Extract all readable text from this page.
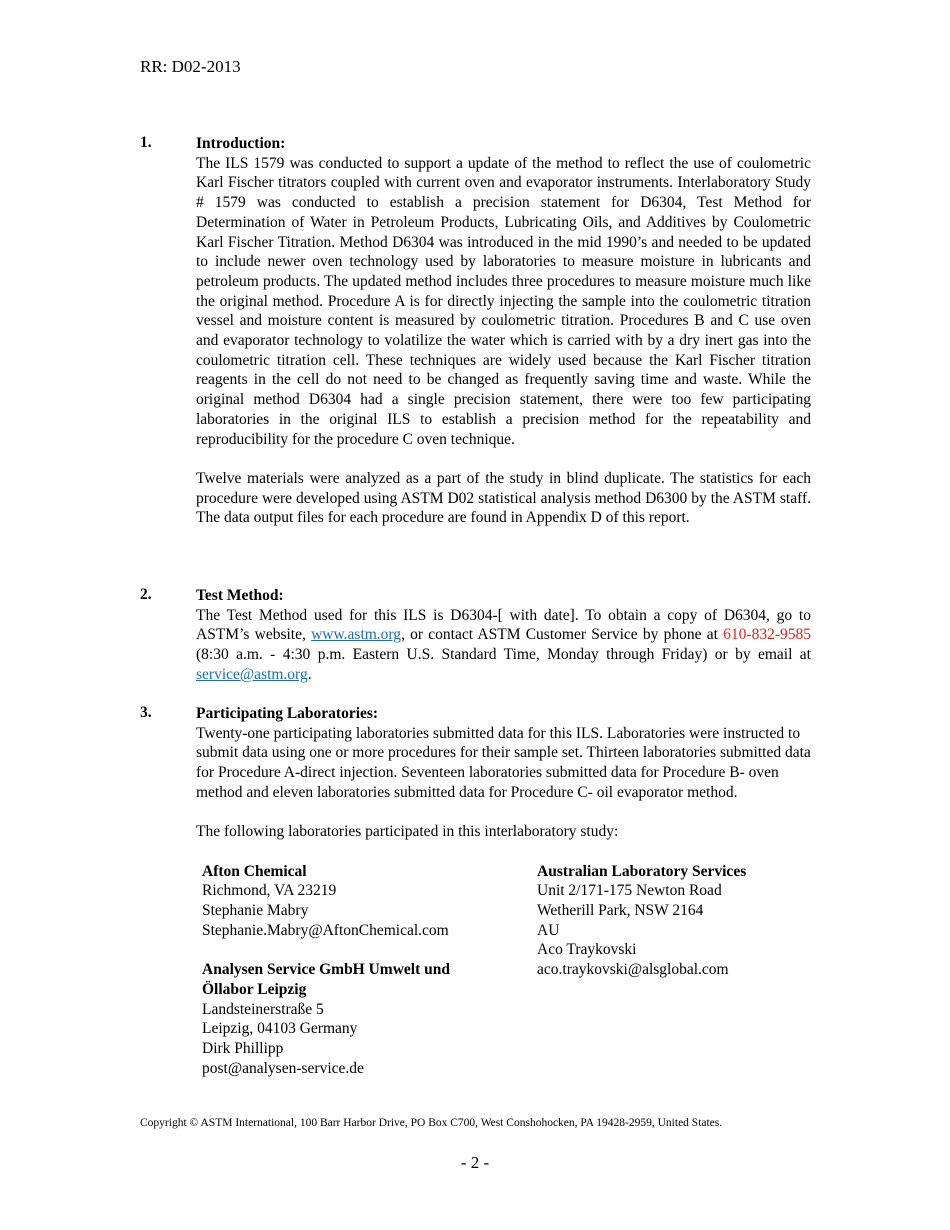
RR: D02-2013
1.	Introduction:

The ILS 1579 was conducted to support a update of the method to reflect the use of coulometric Karl Fischer titrators coupled with current oven and evaporator instruments. Interlaboratory Study # 1579 was conducted to establish a precision statement for D6304, Test Method for Determination of Water in Petroleum Products, Lubricating Oils, and Additives by Coulometric Karl Fischer Titration. Method D6304 was introduced in the mid 1990’s and needed to be updated to include newer oven technology used by laboratories to measure moisture in lubricants and petroleum products. The updated method includes three procedures to measure moisture much like the original method. Procedure A is for directly injecting the sample into the coulometric titration vessel and moisture content is measured by coulometric titration. Procedures B and C use oven and evaporator technology to volatilize the water which is carried with by a dry inert gas into the coulometric titration cell. These techniques are widely used because the Karl Fischer titration reagents in the cell do not need to be changed as frequently saving time and waste. While the original method D6304 had a single precision statement, there were too few participating laboratories in the original ILS to establish a precision method for the repeatability and reproducibility for the procedure C oven technique.

Twelve materials were analyzed as a part of the study in blind duplicate. The statistics for each procedure were developed using ASTM D02 statistical analysis method D6300 by the ASTM staff. The data output files for each procedure are found in Appendix D of this report.

2.	Test Method:

The Test Method used for this ILS is D6304-[ with date]. To obtain a copy of D6304, go to ASTM’s website, www.astm.org, or contact ASTM Customer Service by phone at 610-832-9585 (8:30 a.m. - 4:30 p.m. Eastern U.S. Standard Time, Monday through Friday) or by email at service@astm.org.

3.	Participating Laboratories:

Twenty-one participating laboratories submitted data for this ILS. Laboratories were instructed to submit data using one or more procedures for their sample set. Thirteen laboratories submitted data for Procedure A-direct injection. Seventeen laboratories submitted data for Procedure B- oven method and eleven laboratories submitted data for Procedure C- oil evaporator method.

The following laboratories participated in this interlaboratory study:

Afton Chemical
Richmond, VA 23219
Stephanie Mabry
Stephanie.Mabry@AftonChemical.com
Analysen Service GmbH Umwelt und Öllabor Leipzig
Landsteinerstraße 5
Leipzig, 04103 Germany
Dirk Phillipp
post@analysen-service.de
Australian Laboratory Services
Unit 2/171-175 Newton Road
Wetherill Park, NSW 2164
AU
Aco Traykovski
aco.traykovski@alsglobal.com
Copyright © ASTM International, 100 Barr Harbor Drive, PO Box C700, West Conshohocken, PA 19428-2959, United States.
- 2 -
